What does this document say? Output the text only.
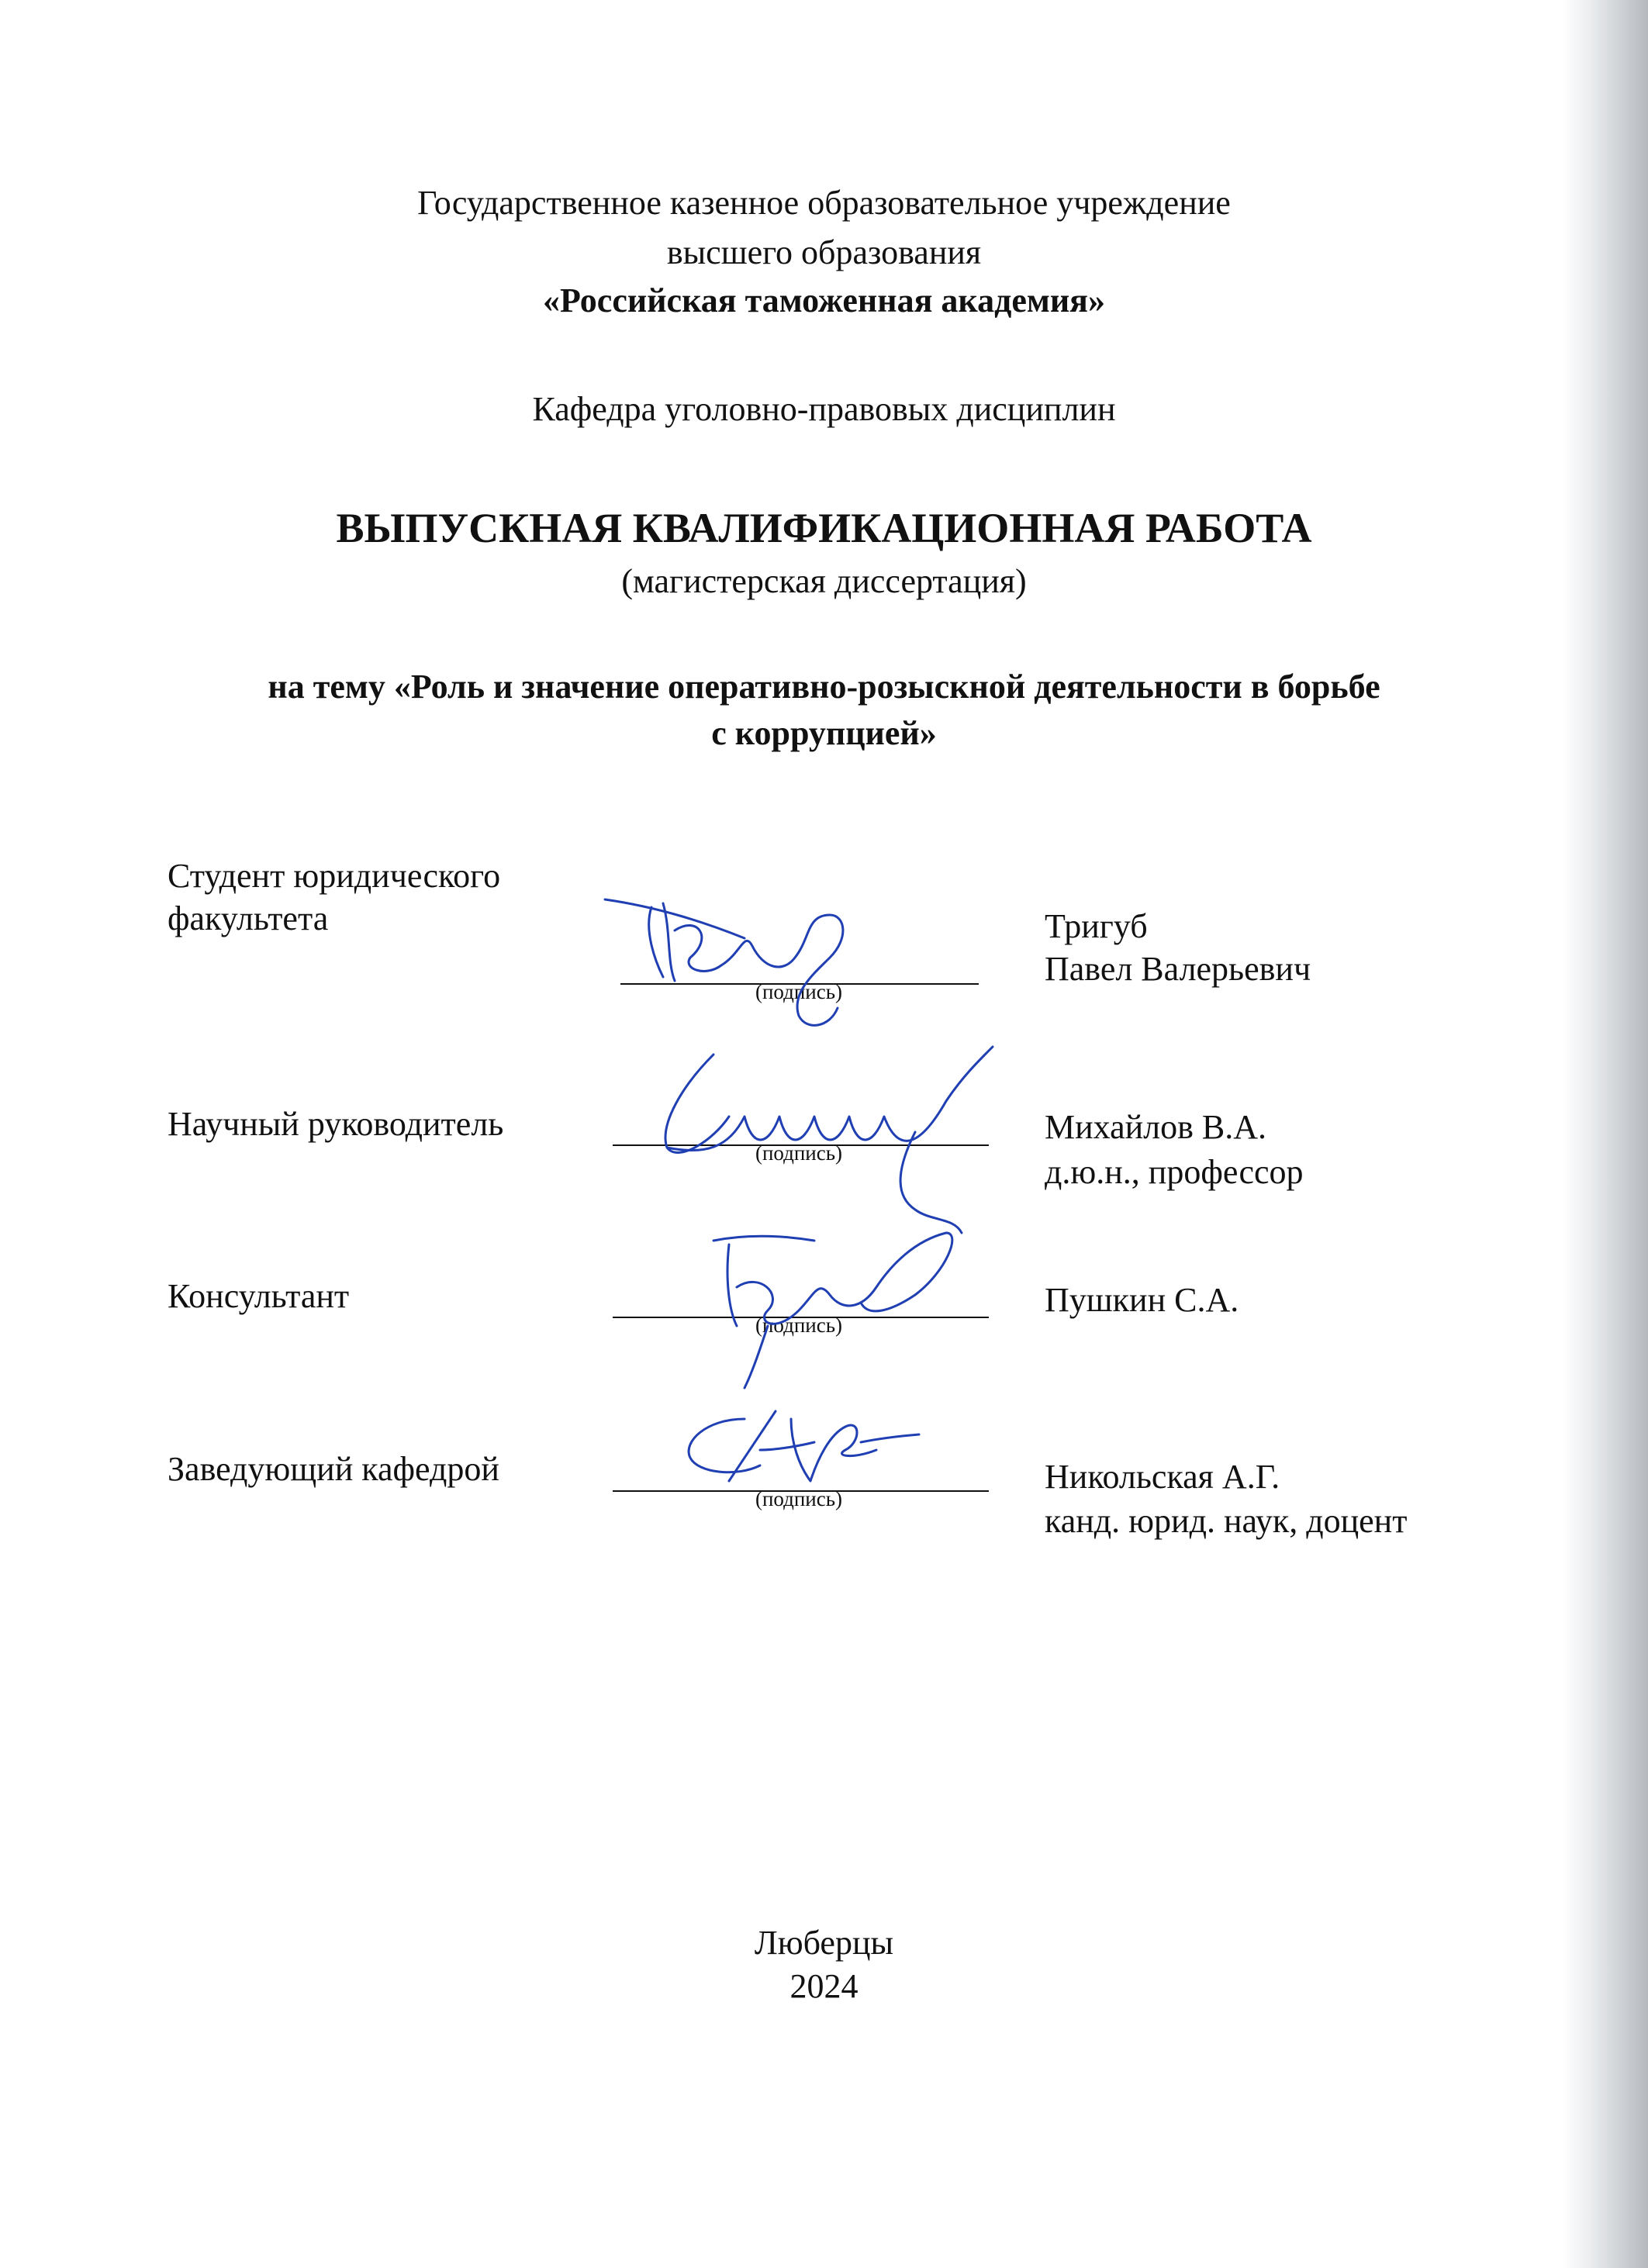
Государственное казенное образовательное учреждение
высшего образования
«Российская таможенная академия»
Кафедра уголовно-правовых дисциплин
ВЫПУСКНАЯ КВАЛИФИКАЦИОННАЯ РАБОТА
(магистерская диссертация)
на тему «Роль и значение оперативно-розыскной деятельности в борьбе
с коррупцией»
Студент юридического
факультета
(подпись)
Тригуб
Павел Валерьевич
Научный руководитель
(подпись)
Михайлов В.А.
д.ю.н., профессор
Консультант
(подпись)
Пушкин С.А.
Заведующий кафедрой
(подпись)
Никольская А.Г.
канд. юрид. наук, доцент
Люберцы
2024
